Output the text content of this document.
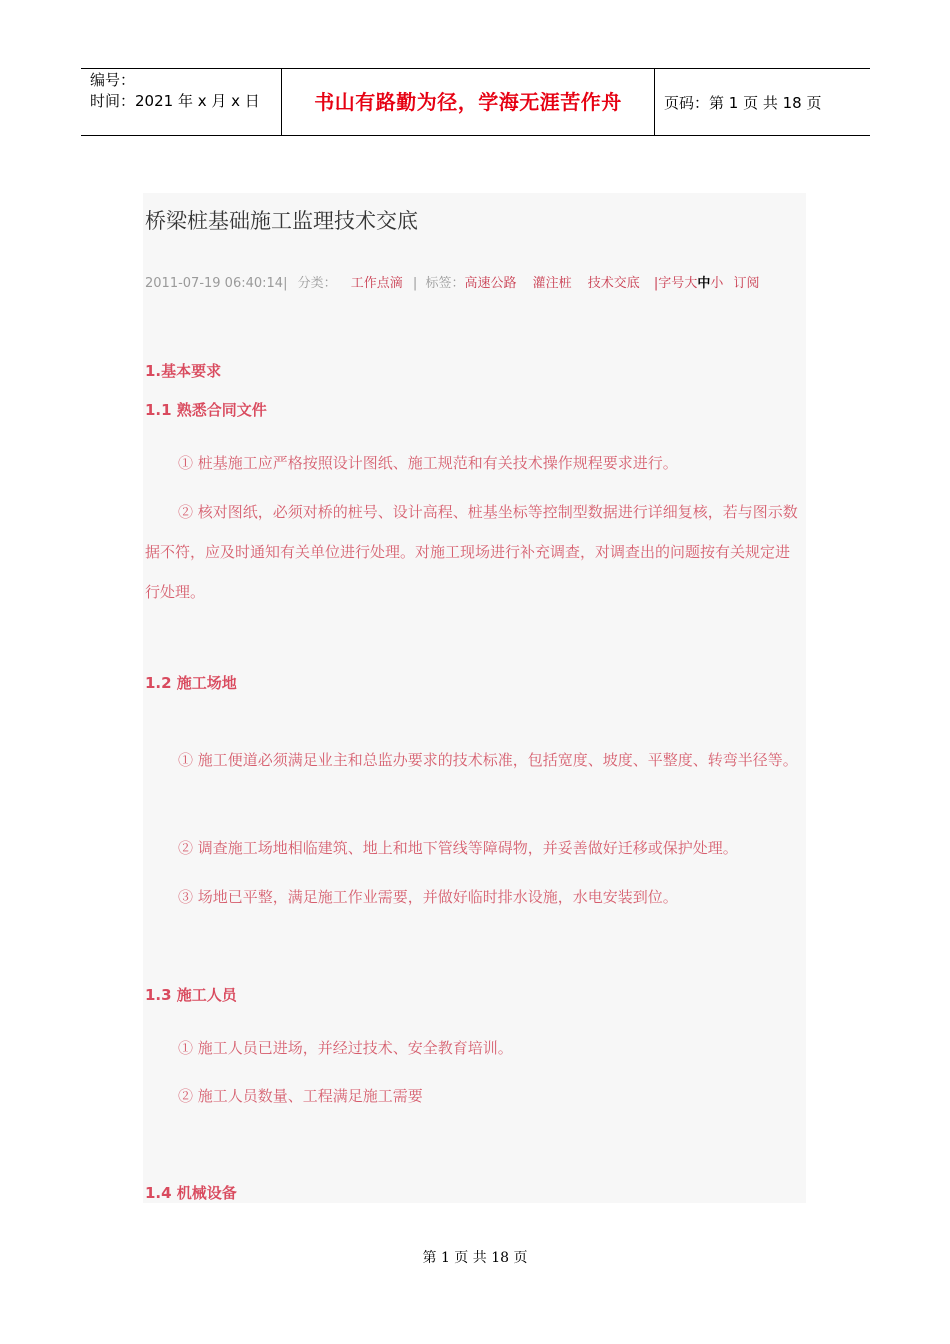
编号：
时间：2021 年 x 月 x 日	书山有路勤为径，学海无涯苦作舟	页码：第 1 页 共 18 页
桥梁桩基础施工监理技术交底
2011-07-19 06:40:14| 分类： 工作点滴 | 标签：高速公路 灌注桩 技术交底 |字号大中小 订阅
1.基本要求
1.1 熟悉合同文件
① 桩基施工应严格按照设计图纸、施工规范和有关技术操作规程要求进行。
② 核对图纸，必须对桥的桩号、设计高程、桩基坐标等控制型数据进行详细复核，若与图示数据不符，应及时通知有关单位进行处理。对施工现场进行补充调查，对调查出的问题按有关规定进行处理。
1.2 施工场地
① 施工便道必须满足业主和总监办要求的技术标准，包括宽度、坡度、平整度、转弯半径等。
② 调查施工场地相临建筑、地上和地下管线等障碍物，并妥善做好迁移或保护处理。
③ 场地已平整，满足施工作业需要，并做好临时排水设施，水电安装到位。
1.3 施工人员
① 施工人员已进场，并经过技术、安全教育培训。
② 施工人员数量、工程满足施工需要
1.4 机械设备
第 1 页 共 18 页
